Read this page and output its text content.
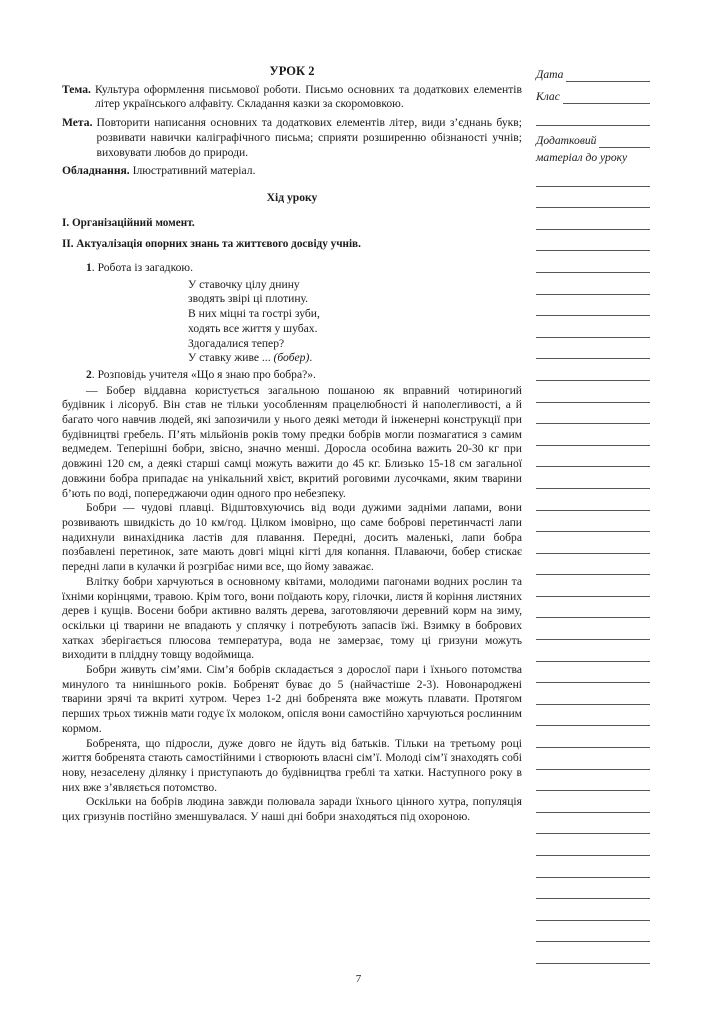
УРОК 2
Тема. Культура оформлення письмової роботи. Письмо основних та додаткових елементів літер українського алфавіту. Складання казки за скоромовкою.
Мета. Повторити написання основних та додаткових елементів літер, види з’єднань букв; розвивати навички каліграфічного письма; сприяти розширенню обізнаності учнів; виховувати любов до природи.
Обладнання. Ілюстративний матеріал.
Хід уроку
І. Організаційний момент.
ІІ. Актуалізація опорних знань та життєвого досвіду учнів.
1. Робота із загадкою.
У ставочку цілу днину
зводять звірі ці плотину.
В них міцні та гострі зуби,
ходять все життя у шубах.
Здогадалися тепер?
У ставку живе ... (бобер).
2. Розповідь учителя «Що я знаю про бобра?».

— Бобер віддавна користується загальною пошаною як вправний чотириногий будівник і лісоруб. Він став не тільки уособленням працелюбності й наполегливості, а й багато чого навчив людей, які запозичили у нього деякі методи й інженерні конструкції при будівництві гребель. П’ять мільйонів років тому предки бобрів могли позмагатися з самим ведмедем. Теперішні бобри, звісно, значно менші. Доросла особина важить 20-30 кг при довжині 120 см, а деякі старші самці можуть важити до 45 кг. Близько 15-18 см загальної довжини бобра припадає на унікальний хвіст, вкритий роговими лусочками, яким тварини б’ють по воді, попереджаючи один одного про небезпеку.

Бобри — чудові плавці. Відштовхуючись від води дужими задніми лапами, вони розвивають швидкість до 10 км/год. Цілком імовірно, що саме боброві перетинчасті лапи надихнули винахідника ластів для плавання. Передні, досить маленькі, лапи бобра позбавлені перетинок, зате мають довгі міцні кігті для копання. Плаваючи, бобер стискає передні лапи в кулачки й розгрібає ними все, що йому заважає.

Влітку бобри харчуються в основному квітами, молодими пагонами водних рослин та їхніми корінцями, травою. Крім того, вони поїдають кору, гілочки, листя й коріння листяних дерев і кущів. Восени бобри активно валять дерева, заготовляючи деревний корм на зиму, оскільки ці тварини не впадають у сплячку і потребують запасів їжі. Взимку в бобрових хатках зберігається плюсова температура, вода не замерзає, тому ці гризуни можуть виходити в пліддну товщу водоймища.

Бобри живуть сім’ями. Сім’я бобрів складається з дорослої пари і їхнього потомства минулого та нинішнього років. Бобренят буває до 5 (найчастіше 2-3). Новонароджені тварини зрячі та вкриті хутром. Через 1-2 дні бобренята вже можуть плавати. Протягом перших трьох тижнів мати годує їх молоком, опісля вони самостійно харчуються рослинним кормом.

Бобренята, що підросли, дуже довго не йдуть від батьків. Тільки на третьому році життя бобренята стають самостійними і створюють власні сім’ї. Молоді сім’ї знаходять собі нову, незаселену ділянку і приступають до будівництва греблі та хатки. Наступного року в них вже з’являється потомство.

Оскільки на бобрів людина завжди полювала заради їхнього цінного хутра, популяція цих гризунів постійно зменшувалася. У наші дні бобри знаходяться під охороною.

Дата
Клас
Додатковий
матеріал до уроку
7
